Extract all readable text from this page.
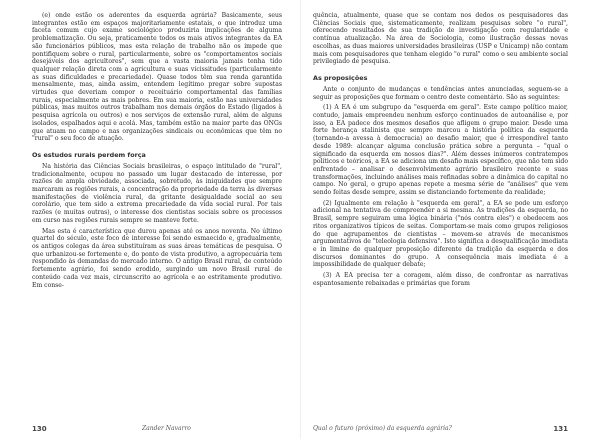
(e) onde estão os aderentes da esquerda agrária? Basicamente, seus integrantes estão em espaços majoritariamente estatais, o que introduz uma faceta comum cujo exame sociológico produziria implicações de alguma problematização. Ou seja, praticamente todos os mais ativos integrantes da EA são funcionários públicos, mas esta relação de trabalho não os impede que pontifiquem sobre o rural, particularmente, sobre os "comportamentos sociais desejáveis dos agricultores", sem que a vasta maioria jamais tenha tido qualquer relação direta com a agricultura e suas vicissitudes (particularmente as suas dificuldades e precariedade). Quase todos têm sua renda garantida mensalmente, mas, ainda assim, entendem legítimo pregar sobre supostas virtudes que deveriam compor o receituário comportamental das famílias rurais, especialmente as mais pobres. Em sua maioria, estão nas universidades públicas, mas muitos outros trabalham nos demais órgãos do Estado (ligados à pesquisa agrícola ou outros) e nos serviços de extensão rural, além de alguns isolados, espalhados aqui e acolá. Mas, também estão na maior parte das ONGs que atuam no campo e nas organizações sindicais ou econômicas que têm no "rural" o seu foco de atuação.

Os estudos rurais perdem força

Na história das Ciências Sociais brasileiras, o espaço intitulado de "rural", tradicionalmente, ocupou no passado um lugar destacado de interesse, por razões de ampla obviedade, associada, sobretudo, às iniquidades que sempre marcaram as regiões rurais, a concentração da propriedade da terra às diversas manifestações de violência rural, da gritante desigualdade social ao seu corolário, que tem sido a extrema precariedade da vida social rural. Por tais razões (e muitas outras), o interesse dos cientistas sociais sobre os processos em curso nas regiões rurais sempre se manteve forte.

Mas esta é característica que durou apenas até os anos noventa. No último quartel do século, este foco de interesse foi sendo esmaecido e, gradualmente, os antigos colegas da área substituíram as suas áreas temáticas de pesquisa. O que urbanizou-se fortemente e, do ponto de vista produtivo, a agropecuária tem respondido às demandas do mercado interno. O antigo Brasil rural, de conteúdo fortemente agrário, foi sendo erodido, surgindo um novo Brasil rural de conteúdo cada vez mais, circunscrito ao agrícola e ao estritamente produtivo. Em conse-

130	Zander Navarro

quência, atualmente, quase que se contam nos dedos os pesquisadores das Ciências Sociais que, sistematicamente, realizam pesquisas sobre "o rural", oferecendo resultados de sua tradição de investigação com regularidade e contínua atualização. Na área de Sociologia, como ilustração dessas novas escolhas, as duas maiores universidades brasileiras (USP e Unicamp) não contam mais com pesquisadores que tenham elegido "o rural" como o seu ambiente social privilegiado de pesquisa.

As proposições

Ante o conjunto de mudanças e tendências antes anunciadas, seguem-se a seguir as proposições que formam o centro deste comentário. São as seguintes:

(1) A EA é um subgrupo da "esquerda em geral". Este campo político maior, contudo, jamais empreendeu nenhum esforço continuados de autoanálise e, por isso, a EA padece dos mesmos desafios que afligem o grupo maior. Desde uma forte herança stalinista que sempre marcou a história política da esquerda (tornando-a avessa à democracia) ao desafio maior, que é irrespondível tanto desde 1989: alcançar alguma conclusão prática sobre a pergunta – "qual o significado da esquerda em nossos dias?". Além desses inúmeros contratempos políticos e teóricos, a EA se adiciona um desafio mais específico, que não tem sido enfrentado – analisar o desenvolvimento agrário brasileiro recente e suas transformações, incluindo análises mais refinadas sobre a dinâmica do capital no campo. No geral, o grupo apenas repete a mesma série de "análises" que vem sendo feitas desde sempre, assim se distanciando fortemente da realidade;

(2) Igualmente em relação à "esquerda em geral", a EA se pode um esforço adicional na tentativa de compreender a si mesma. As tradições da esquerda, no Brasil, sempre seguiram uma lógica binária ("nós contra eles") e obedecem aos ritos organizativos típicos de seitas. Comportam-se mais como grupos religiosos do que agrupamentos de cientistas – movem-se através de mecanismos argumentativos de "teleologia defensiva". Isto significa a desqualificação imediata e in limine de qualquer proposição diferente da tradição da esquerda e dos discursos dominantes do grupo. A consequência mais imediata é a impossibilidade de qualquer debate;

(3) A EA precisa ter a coragem, além disso, de confrontar as narrativas espantosamente rebaixadas e primárias que foram

Qual o futuro (próximo) da esquerda agrária?	131
